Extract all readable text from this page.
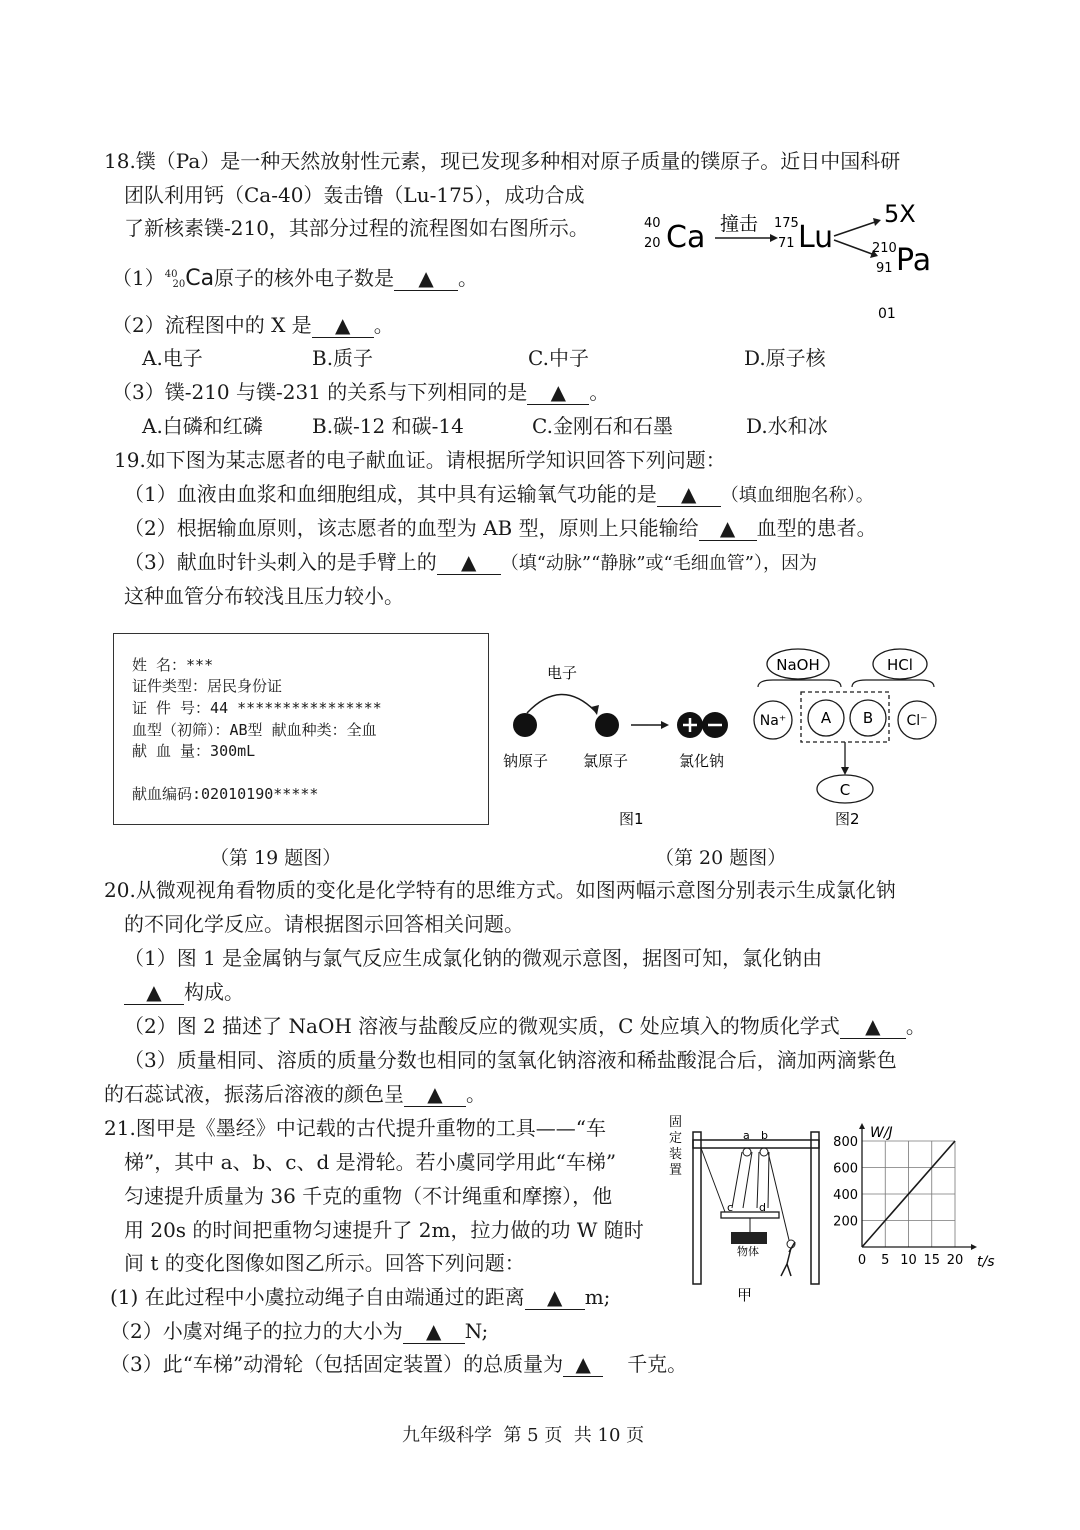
18.镤（Pa）是一种天然放射性元素，现已发现多种相对原子质量的镤原子。近日中国科研
团队利用钙（Ca-40）轰击镥（Lu-175），成功合成
了新核素镤-210，其部分过程的流程图如右图所示。	40
20 Ca 撞击 175
71 Lu
5X
210
91 Pa
01
$(1)^{40}_{20}Ca$原子的核外电子数是 ▲ 。
（2）流程图中的 X 是 ▲ 。
A.电子	B.质子	C.中子	D.原子核
（3）镤-210 与镤-231 的关系与下列相同的是 ▲ 。
A.白磷和红磷 B.碳-12 和碳-14	C.金刚石和石墨	D.水和冰
19.如下图为某志愿者的电子献血证。请根据所学知识回答下列问题：
（1）血液由血浆和血细胞组成，其中具有运输氧气功能的是 ▲ （填血细胞名称）。
（2）根据输血原则，该志愿者的血型为 AB 型，原则上只能输给 ▲ 血型的患者。
（3）献血时针头刺入的是手臂上的 ▲ （填“动脉”“静脉”或“毛细血管”），因为
这种血管分布较浅且压力较小。
姓 名：***
证件类型：居民身份证
证 件 号：44 ****************
血型（初筛）：AB型 献血种类：全血
献 血 量：300mL
献血编码:02010190*****
（第 19 题图）
电子
钠原子 氯原子	氯化钠
图1
NaOH	HCl
Na⁺ A B Cl⁻
C
图2
（第 20 题图）
20.从微观视角看物质的变化是化学特有的思维方式。如图两幅示意图分别表示生成氯化钠
的不同化学反应。请根据图示回答相关问题。
（1）图 1 是金属钠与氯气反应生成氯化钠的微观示意图，据图可知，氯化钠由
▲ 构成。
（2）图 2 描述了 NaOH 溶液与盐酸反应的微观实质，C 处应填入的物质化学式 ▲ 。
（3）质量相同、溶质的质量分数也相同的氢氧化钠溶液和稀盐酸混合后，滴加两滴紫色
的石蕊试液，振荡后溶液的颜色呈 ▲ 。
21.图甲是《墨经》中记载的古代提升重物的工具——“车
梯”，其中 a、b、c、d 是滑轮。若小虞同学用此“车梯”
匀速提升质量为 36 千克的重物（不计绳重和摩擦），他
用 20s 的时间把重物匀速提升了 2m，拉力做的功 W 随时
间 t 的变化图像如图乙所示。回答下列问题：
(1) 在此过程中小虞拉动绳子自由端通过的距离 ▲ m;
（2）小虞对绳子的拉力的大小为 ▲ N;
（3）此“车梯”动滑轮（包括固定装置）的总质量为 ▲ 千克。
固
定
装
置
a b
c d
物体
甲
0 5 10 15 20
200
400
600
800
t/s
W/J
九年级科学  第 5 页  共 10 页
